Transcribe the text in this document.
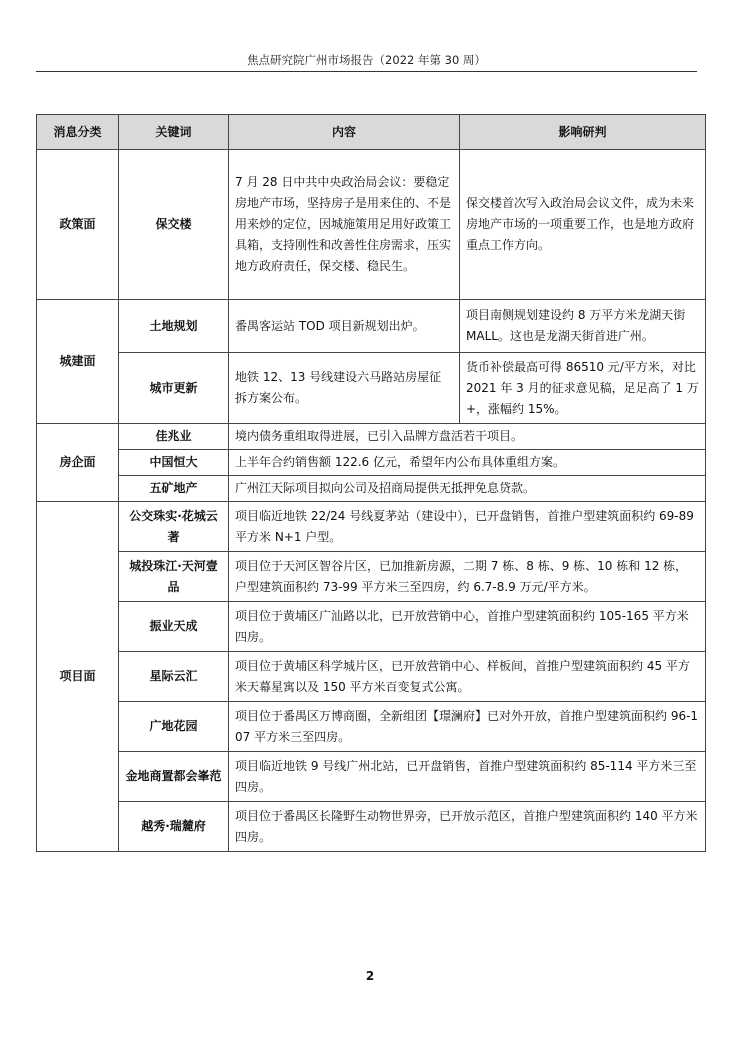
焦点研究院广州市场报告（2022 年第 30 周）
消息分类	关键词	内容	影响研判
政策面	保交楼	7 月 28 日中共中央政治局会议：要稳定房地产市场，坚持房子是用来住的、不是用来炒的定位，因城施策用足用好政策工具箱，支持刚性和改善性住房需求，压实地方政府责任，保交楼、稳民生。	保交楼首次写入政治局会议文件，成为未来房地产市场的一项重要工作，也是地方政府重点工作方向。
城建面	土地规划	番禺客运站 TOD 项目新规划出炉。	项目南侧规划建设约 8 万平方米龙湖天街 MALL。这也是龙湖天街首进广州。
	城市更新	地铁 12、13 号线建设六马路站房屋征拆方案公布。	货币补偿最高可得 86510 元/平方米，对比 2021 年 3 月的征求意见稿，足足高了 1 万+，涨幅约 15%。
房企面	佳兆业	境内债务重组取得进展，已引入品牌方盘活若干项目。	
	中国恒大	上半年合约销售额 122.6 亿元，希望年内公布具体重组方案。	
	五矿地产	广州江天际项目拟向公司及招商局提供无抵押免息贷款。	
项目面	公交珠实·花城云著	项目临近地铁 22/24 号线夏茅站（建设中），已开盘销售，首推户型建筑面积约 69-89 平方米 N+1 户型。	
	城投珠江·天河壹品	项目位于天河区智谷片区，已加推新房源，二期 7 栋、8 栋、9 栋、10 栋和 12 栋，户型建筑面积约 73-99 平方米三至四房，约 6.7-8.9 万元/平方米。	
	振业天成	项目位于黄埔区广汕路以北，已开放营销中心，首推户型建筑面积约 105-165 平方米四房。	
	星际云汇	项目位于黄埔区科学城片区，已开放营销中心、样板间，首推户型建筑面积约 45 平方米天幕星寓以及 150 平方米百变复式公寓。	
	广地花园	项目位于番禺区万博商圈，全新组团【璟澜府】已对外开放，首推户型建筑面积约 96-107 平方米三至四房。	
	金地商置都会峯范	项目临近地铁 9 号线广州北站，已开盘销售，首推户型建筑面积约 85-114 平方米三至四房。	
	越秀·瑞麓府	项目位于番禺区长隆野生动物世界旁，已开放示范区，首推户型建筑面积约 140 平方米四房。	
2
